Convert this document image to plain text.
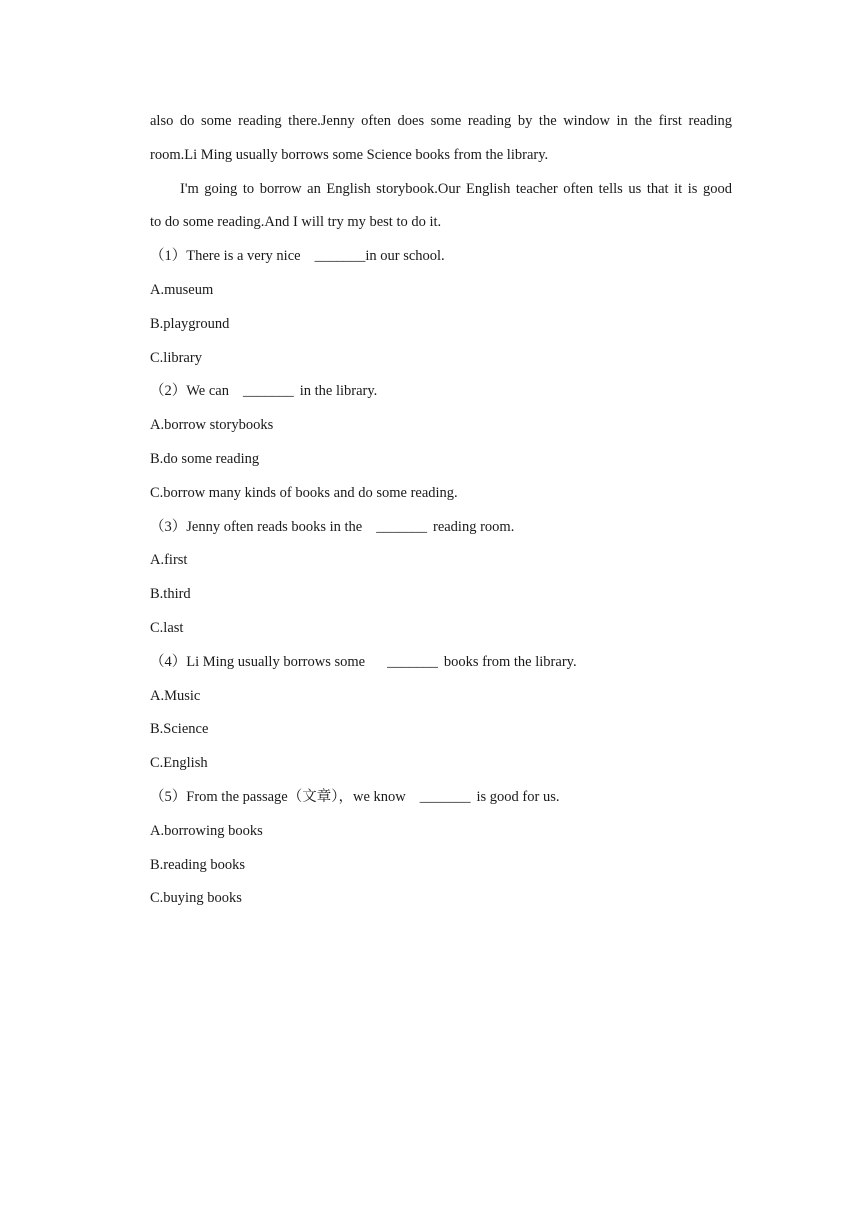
also do some reading there.Jenny often does some reading by the window in the first reading
room.Li Ming usually borrows some Science books from the library.
I'm going to borrow an English storybook.Our English teacher often tells us that it is good
to do some reading.And I will try my best to do it.
（1）There is a very nice _______in our school.
A.museum
B.playground
C.library
（2）We can _______ in the library.
A.borrow storybooks
B.do some reading
C.borrow many kinds of books and do some reading.
（3）Jenny often reads books in the _______ reading room.
A.first
B.third
C.last
（4）Li Ming usually borrows some _______ books from the library.
A.Music
B.Science
C.English
（5）From the passage（文章），we know _______ is good for us.
A.borrowing books
B.reading books
C.buying books
